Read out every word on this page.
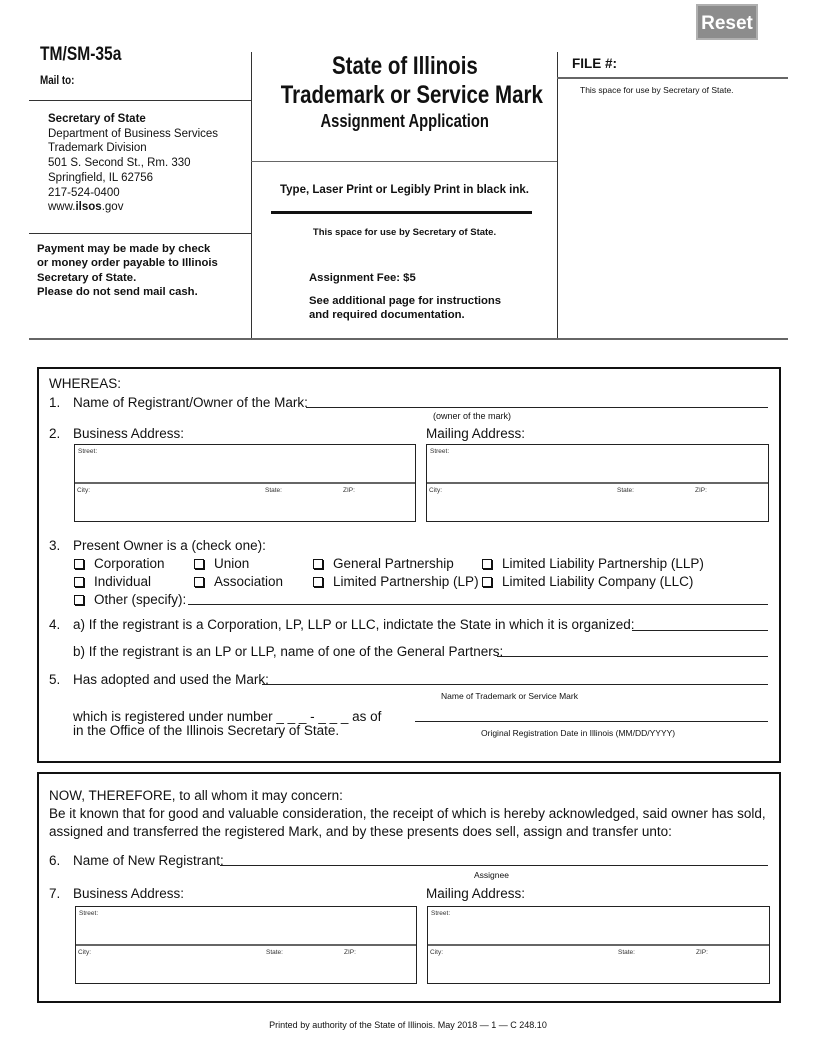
Reset
TM/SM-35a
Mail to:
Secretary of State
Department of Business Services
Trademark Division
501 S. Second St., Rm. 330
Springfield, IL 62756
217-524-0400
www.ilsos.gov
Payment may be made by check
or money order payable to Illinois
Secretary of State.
Please do not send mail cash.
State of Illinois
Trademark or Service Mark
Assignment Application
Type, Laser Print or Legibly Print in black ink.
This space for use by Secretary of State.
Assignment Fee: $5
See additional page for instructions
and required documentation.
FILE #:
This space for use by Secretary of State.
WHEREAS:
1. Name of Registrant/Owner of the Mark:
(owner of the mark)
2. Business Address:	Mailing Address:
Street:
City:	State:	ZIP:
Street:
City:	State:	ZIP:
3. Present Owner is a (check one):
Corporation	Union	General Partnership	Limited Liability Partnership (LLP)
Individual	Association	Limited Partnership (LP)	Limited Liability Company (LLC)
Other (specify):
4. a) If the registrant is a Corporation, LP, LLP or LLC, indictate the State in which it is organized:
b) If the registrant is an LP or LLP, name of one of the General Partners:
5. Has adopted and used the Mark:
Name of Trademark or Service Mark
which is registered under number _ _ _ - _ _ _ as of
in the Office of the Illinois Secretary of State.	Original Registration Date in Illinois (MM/DD/YYYY)
NOW, THEREFORE, to all whom it may concern:
Be it known that for good and valuable consideration, the receipt of which is hereby acknowledged, said owner has sold,
assigned and transferred the registered Mark, and by these presents does sell, assign and transfer unto:
6. Name of New Registrant:
Assignee
7. Business Address:	Mailing Address:
Street:
City:	State:	ZIP:
Street:
City:	State:	ZIP:
Printed by authority of the State of Illinois. May 2018 — 1 — C 248.10
